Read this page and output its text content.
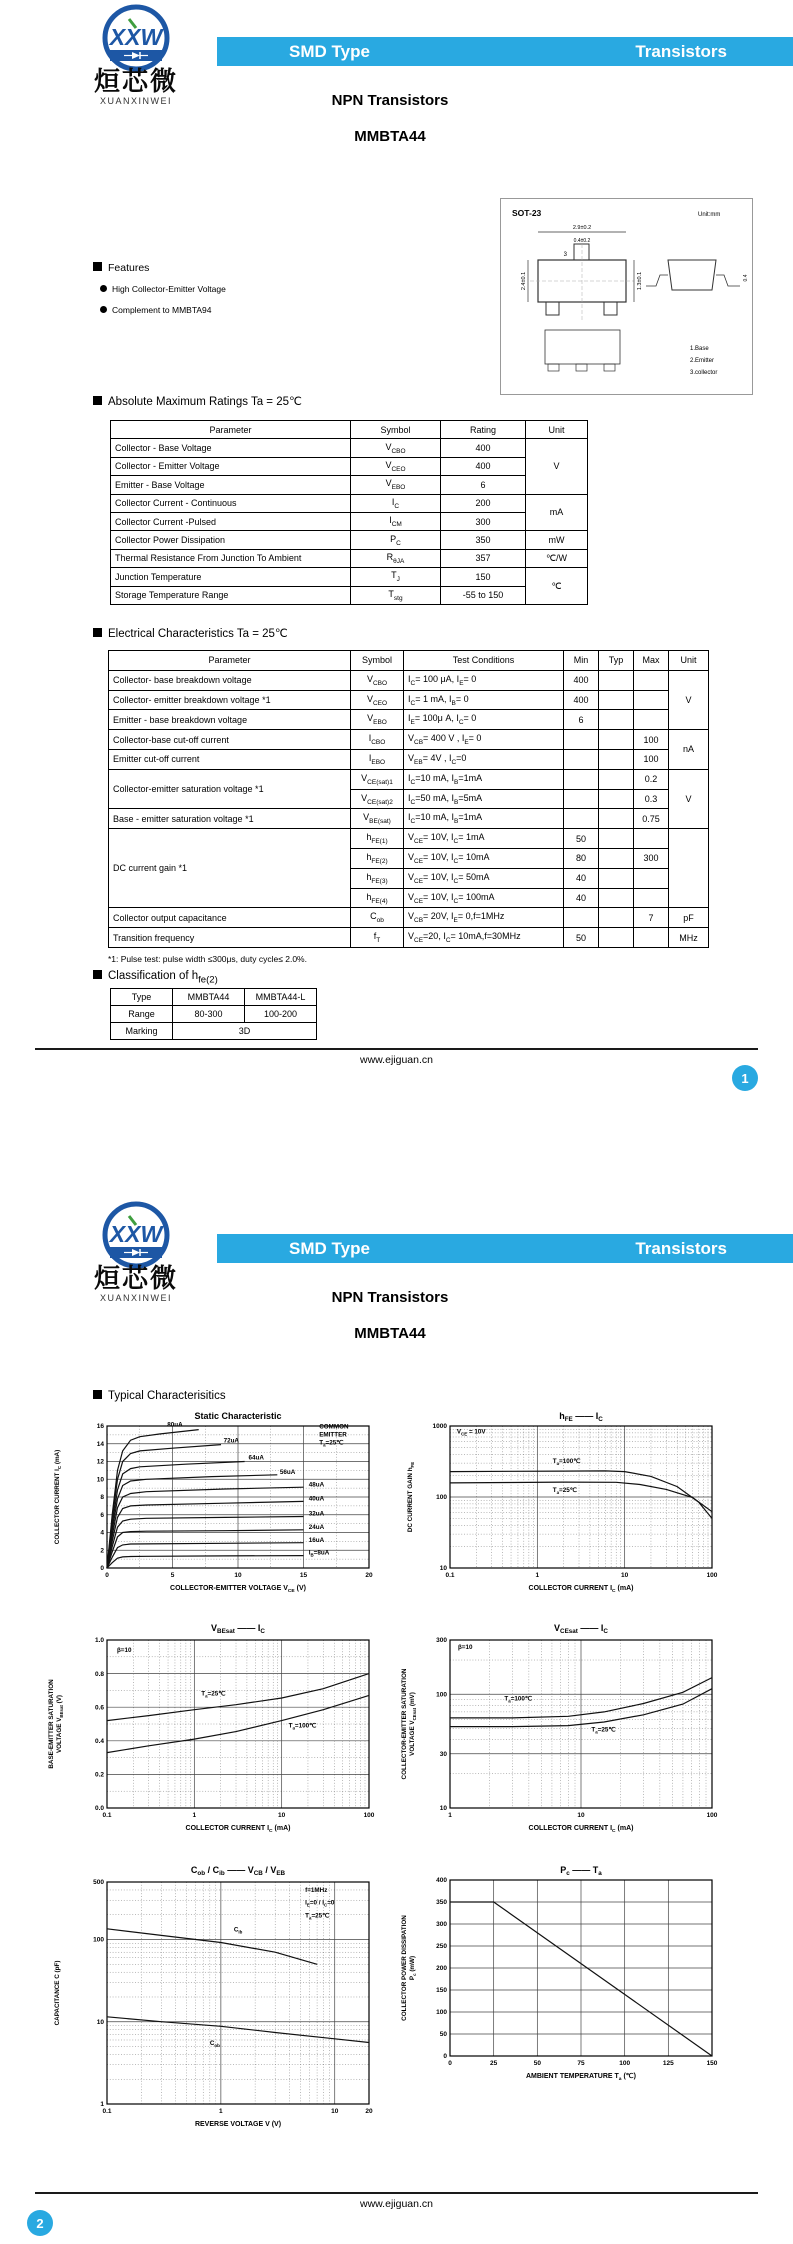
XXW
烜芯微
XUANXINWEI
SMD Type	Transistors
NPN Transistors
MMBTA44
Features
High Collector-Emitter Voltage
Complement to MMBTA94
SOT-23	Unit:mm
3
2.9±0.2
0.4±0.2
2.4±0.1	1.3±0.1	0.4
1.Base
2.Emitter
3.collector
Absolute Maximum Ratings Ta = 25℃
Electrical Characteristics Ta = 25℃
*1: Pulse test: pulse width ≤300μs, duty cycle≤ 2.0%.
Classification of $h_{fe(2)}$
www.ejiguan.cn
1
Typical Characterisitics
www.ejiguan.cn
2
XXW
烜芯微
XUANXINWEI
SMD Type	Transistors
NPN Transistors
MMBTA44
Parameter	Symbol	Rating	Unit
Collector - Base Voltage	$V_{CBO}$	400	V
Collector - Emitter Voltage	$V_{CEO}$	400	
Emitter - Base Voltage	$V_{EBO}$	6	
Collector Current - Continuous	$I_C$	200	mA
Collector Current -Pulsed	$I_{CM}$	300	
Collector Power Dissipation	$P_C$	350	mW
Thermal Resistance From Junction To Ambient	$R_{\theta JA}$	357	℃/W
Junction Temperature	$T_J$	150	℃
Storage Temperature Range	$T_{stg}$	-55 to 150	
Parameter	Symbol	Test Conditions	Min	Typ	Max	Unit
Collector- base breakdown voltage	$V_{CBO}$	$I_C= 100$ μA, $I_E= 0$	400			V
Collector- emitter breakdown voltage *1	$V_{CEO}$	$I_C= 1$ mA, $I_B= 0$	400			
Emitter - base breakdown voltage	$V_{EBO}$	$I_E= 100\mu$ A, $I_C= 0$	6			
Collector-base cut-off current	$I_{CBO}$	$V_{CB}= 400$ V , $I_E= 0$			100	nA
Emitter cut-off current	$I_{EBO}$	$V_{EB}= 4V$ , $I_C=0$			100	
Collector-emitter saturation voltage *1	$V_{CE(sat)1}$	$I_C=10$ mA, $I_B=1mA$			0.2	V
	$V_{CE(sat)2}$	$I_C=50$ mA, $I_B=5mA$			0.3	
Base - emitter saturation voltage *1	$V_{BE(sat)}$	$I_C=10$ mA, $I_B=1mA$			0.75	
DC current gain *1	$h_{FE(1)}$	$V_{CE}= 10V$, $I_C= 1mA$	50			
	$h_{FE(2)}$	$V_{CE}= 10V$, $I_C= 10mA$	80		300	
	$h_{FE(3)}$	$V_{CE}= 10V$, $I_C= 50mA$	40			
	$h_{FE(4)}$	$V_{CE}= 10V$, $I_C= 100mA$	40			
Collector output capacitance	$C_{ob}$	$V_{CB}= 20V$, $I_E= 0,f=1MHz$			7	pF
Transition frequency	$f_T$	$V_{CE}=20$, $I_C= 10mA,f=30MHz$	50			MHz
Type	MMBTA44	MMBTA44-L
Range	80-300	100-200
Marking	3D	
0	5	10	15	20
0
2
4
6
8
10
12
14
16	80uA
72uA
64uA
56uA
48uA
40uA
32uA
24uA
16uA
$I_B=8uA$
COMMON
EMITTER
$T_a=25℃$
Static Characteristic
COLLECTOR-EMITTER VOLTAGE $V_{CE}$ (V)
COLLECTOR CURRENT $I_C$ (mA)
0.1	1	10	100
10
100
1000
$V_{CE} = 10V$
$T_a=100℃$
$T_a=25℃$
$h_{FE}$ —— $I_C$
COLLECTOR CURRENT $I_C$ (mA)
DC CURRENT GAIN $h_{FE}$
0.1	1	10	100
0.0
0.2
0.4
0.6
0.8
1.0
β=10
$T_a=25℃$
$T_a=100℃$
$V_{BEsat}$ —— $I_C$
COLLECTOR CURRENT $I_C$ (mA)
BASE-EMITTER SATURATION VOLTAGE $V_{BEsat}$ (V)
1	10	100
10
30
100
300
β=10
$T_a=100℃$
$T_a=25℃$
$V_{CEsat}$ —— $I_C$
COLLECTOR CURRENT $I_C$ (mA)
COLLECTOR-EMITTER SATURATION VOLTAGE $V_{CEsat}$ (mV)
0.1	1	10	20
1
10
100
500
$C_{ib}$
$C_{ob}$
f=1MHz
$I_E=0 / I_C=0$
$T_a=25℃$
$C_{ob} / C_{ib}$ —— $V_{CB} / V_{EB}$
REVERSE VOLTAGE V (V)
CAPACITANCE C (pF)
0	25	50	75	100	125	150
0
50
100
150
200
250
300
350
400
$P_c$ —— $T_a$
AMBIENT TEMPERATURE $T_a$ (℃)
COLLECTOR POWER DISSIPATION $P_c$ (mW)
